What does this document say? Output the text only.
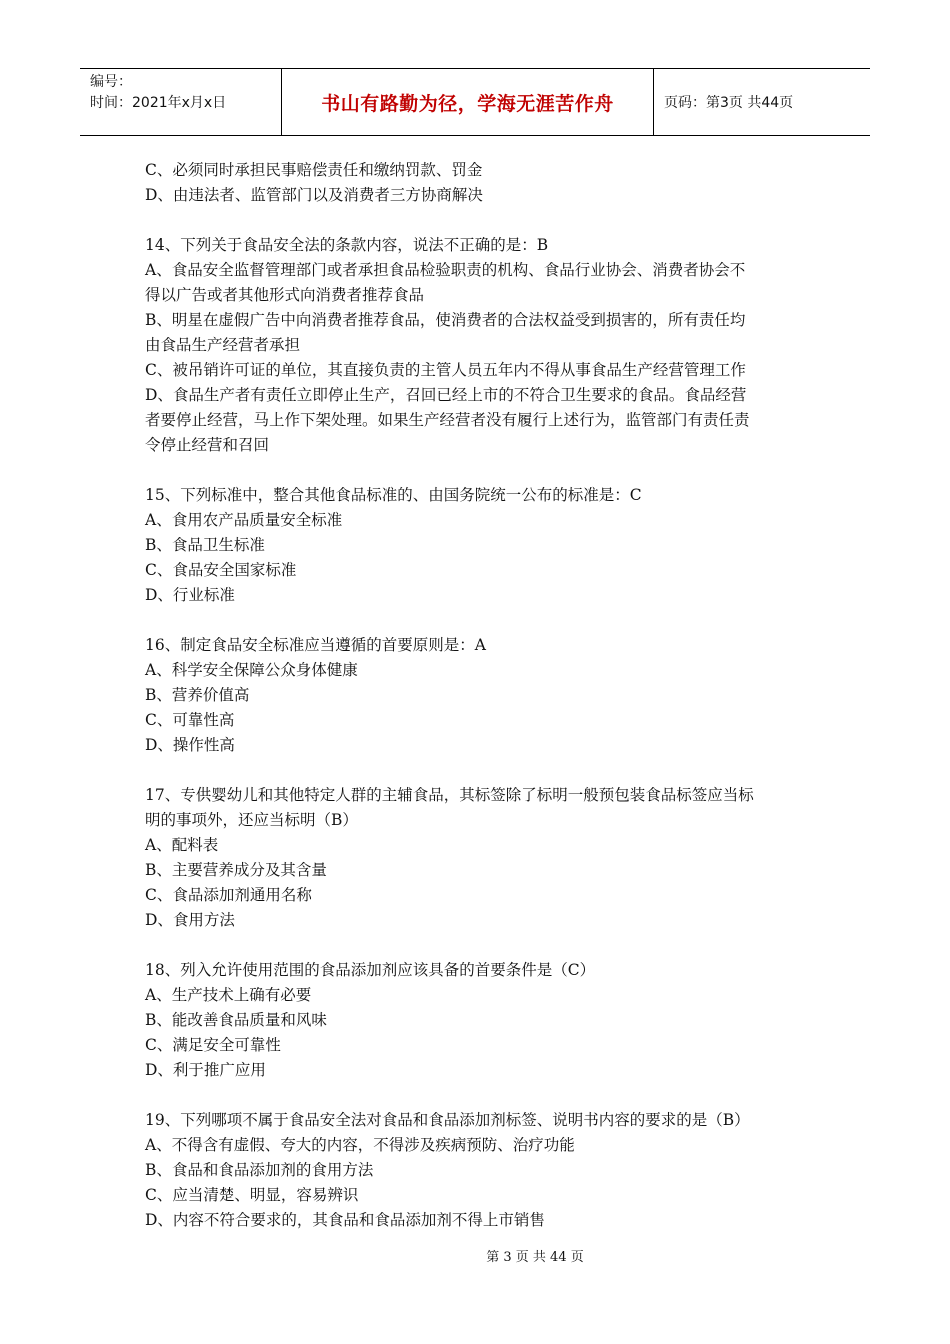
编号：
时间：2021年x月x日	书山有路勤为径，学海无涯苦作舟	页码：第3页 共44页
C、必须同时承担民事赔偿责任和缴纳罚款、罚金
D、由违法者、监管部门以及消费者三方协商解决
14、下列关于食品安全法的条款内容，说法不正确的是：B
A、食品安全监督管理部门或者承担食品检验职责的机构、食品行业协会、消费者协会不
得以广告或者其他形式向消费者推荐食品
B、明星在虚假广告中向消费者推荐食品，使消费者的合法权益受到损害的，所有责任均
由食品生产经营者承担
C、被吊销许可证的单位，其直接负责的主管人员五年内不得从事食品生产经营管理工作
D、食品生产者有责任立即停止生产，召回已经上市的不符合卫生要求的食品。食品经营
者要停止经营，马上作下架处理。如果生产经营者没有履行上述行为，监管部门有责任责
令停止经营和召回
15、下列标准中，整合其他食品标准的、由国务院统一公布的标准是：C
A、食用农产品质量安全标准
B、食品卫生标准
C、食品安全国家标准
D、行业标准
16、制定食品安全标准应当遵循的首要原则是：A
A、科学安全保障公众身体健康
B、营养价值高
C、可靠性高
D、操作性高
17、专供婴幼儿和其他特定人群的主辅食品，其标签除了标明一般预包装食品标签应当标
明的事项外，还应当标明（B）
A、配料表
B、主要营养成分及其含量
C、食品添加剂通用名称
D、食用方法
18、列入允许使用范围的食品添加剂应该具备的首要条件是（C）
A、生产技术上确有必要
B、能改善食品质量和风味
C、满足安全可靠性
D、利于推广应用
19、下列哪项不属于食品安全法对食品和食品添加剂标签、说明书内容的要求的是（B）
A、不得含有虚假、夸大的内容，不得涉及疾病预防、治疗功能
B、食品和食品添加剂的食用方法
C、应当清楚、明显，容易辨识
D、内容不符合要求的，其食品和食品添加剂不得上市销售
第 3 页 共 44 页
